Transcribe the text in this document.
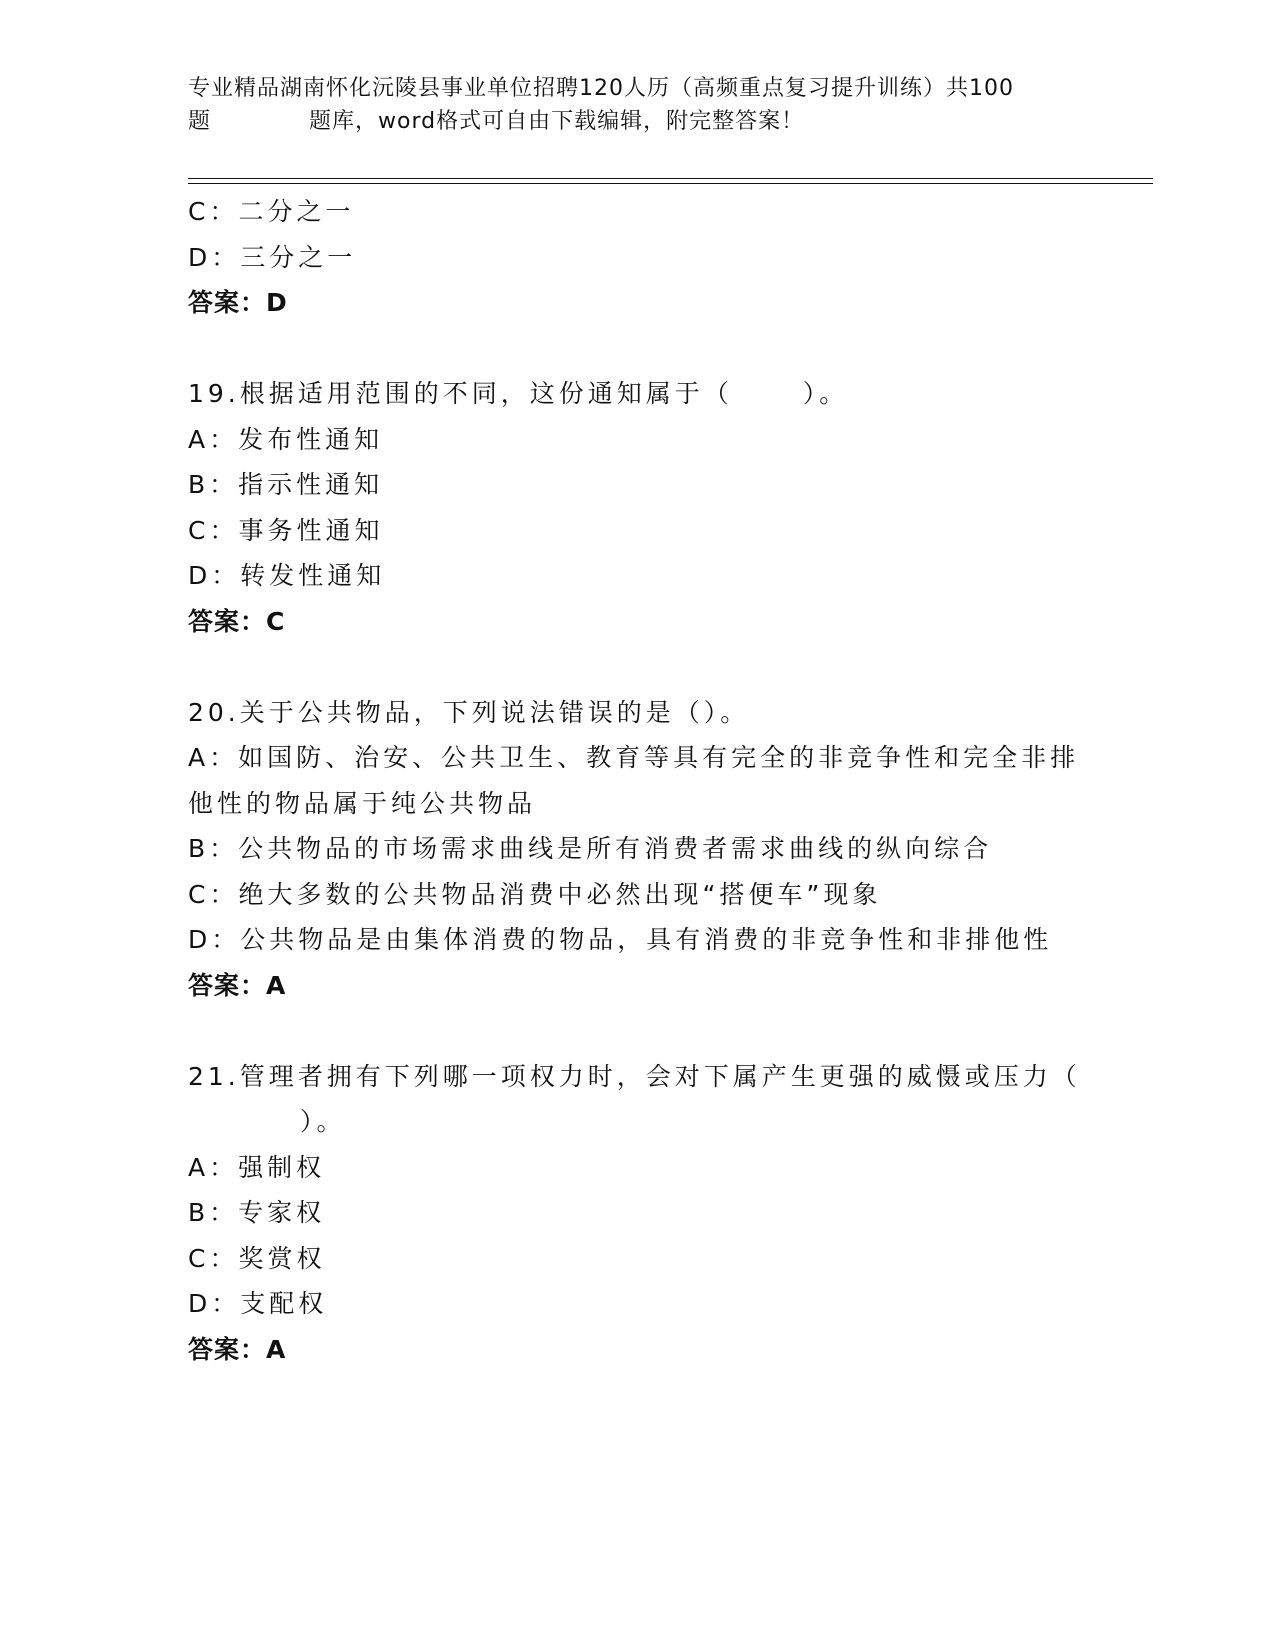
专业精品湖南怀化沅陵县事业单位招聘120人历（高频重点复习提升训练）共100
题	题库，word格式可自由下载编辑，附完整答案！
C：二分之一
D：三分之一
答案：D
19.根据适用范围的不同，这份通知属于（	）。
A：发布性通知
B：指示性通知
C：事务性通知
D：转发性通知
答案：C
20.关于公共物品，下列说法错误的是（）。
A：如国防、治安、公共卫生、教育等具有完全的非竞争性和完全非排
他性的物品属于纯公共物品
B：公共物品的市场需求曲线是所有消费者需求曲线的纵向综合
C：绝大多数的公共物品消费中必然出现“搭便车”现象
D：公共物品是由集体消费的物品，具有消费的非竞争性和非排他性
答案：A
21.管理者拥有下列哪一项权力时，会对下属产生更强的威慑或压力（
）。
A：强制权
B：专家权
C：奖赏权
D：支配权
答案：A
